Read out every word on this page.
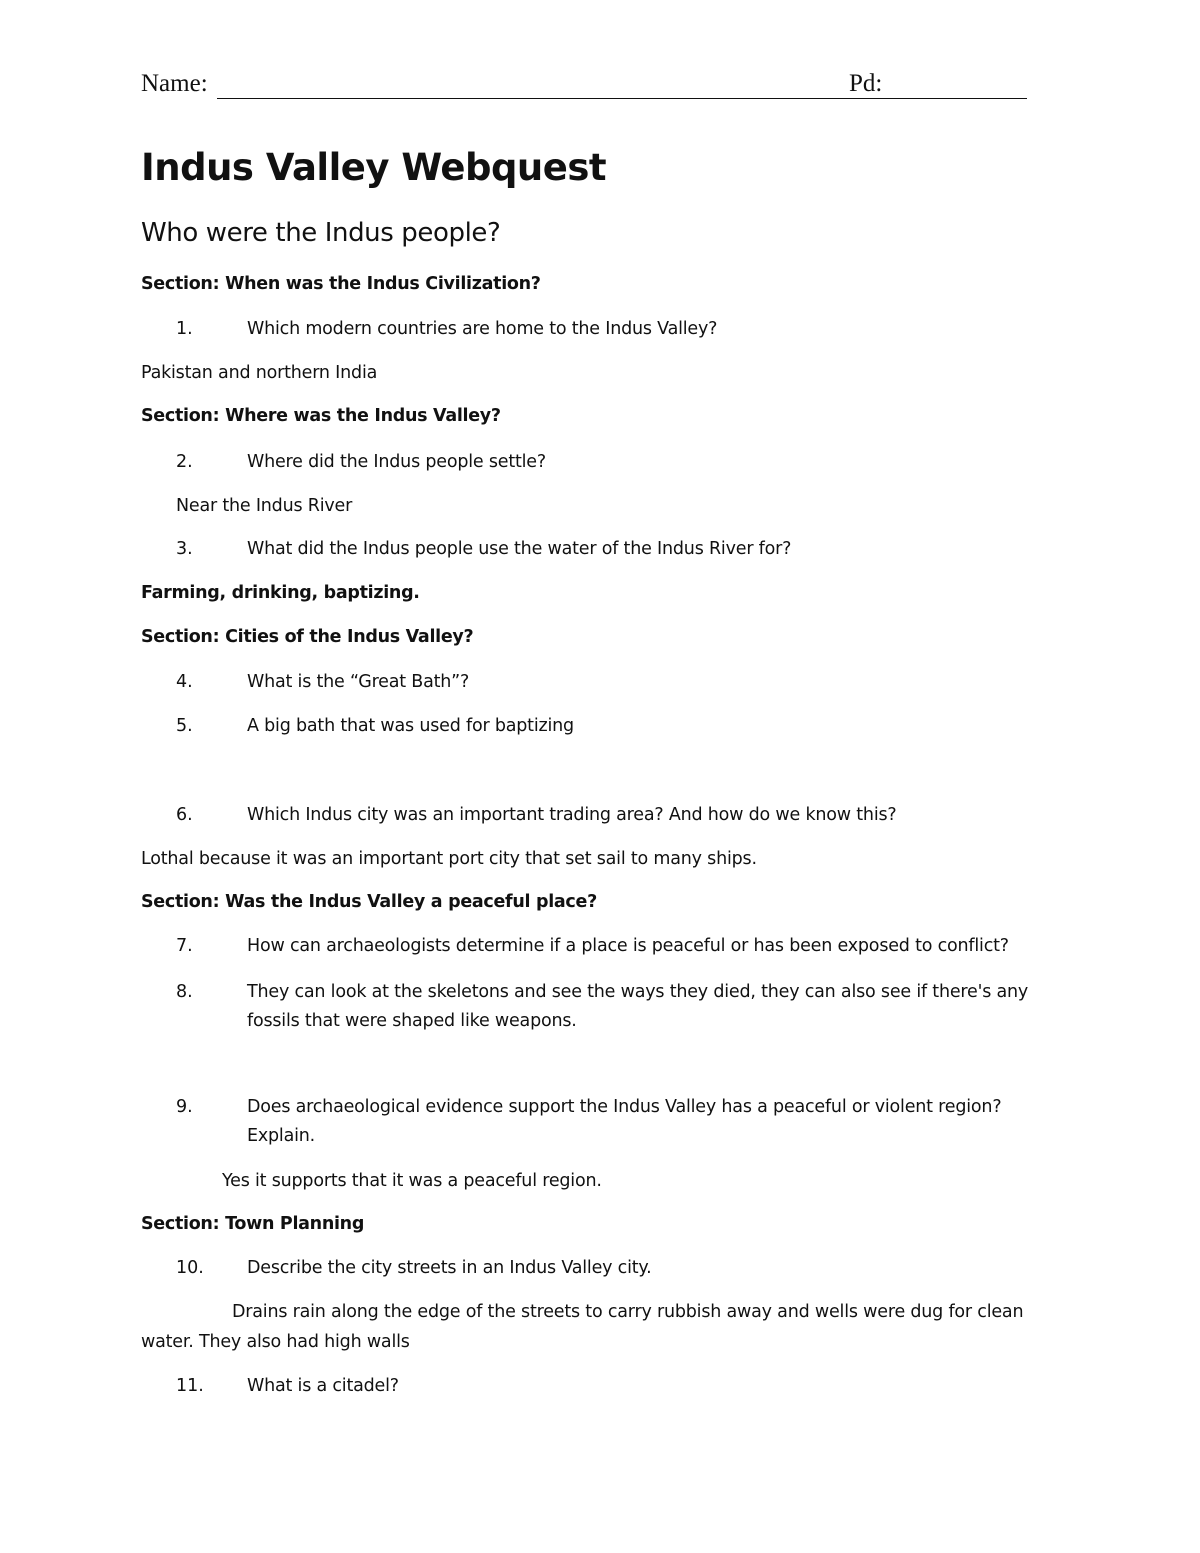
Name:	Pd:
Indus Valley Webquest
Who were the Indus people?
Section: When was the Indus Civilization?
1.	Which modern countries are home to the Indus Valley?
Pakistan and northern India
Section: Where was the Indus Valley?
2.	Where did the Indus people settle?
Near the Indus River
3.	What did the Indus people use the water of the Indus River for?
Farming, drinking, baptizing.
Section: Cities of the Indus Valley?
4.	What is the “Great Bath”?
5.	A big bath that was used for baptizing
6.	Which Indus city was an important trading area? And how do we know this?
Lothal because it was an important port city that set sail to many ships.
Section: Was the Indus Valley a peaceful place?
7.	How can archaeologists determine if a place is peaceful or has been exposed to conflict?
8.	They can look at the skeletons and see the ways they died, they can also see if there's any
fossils that were shaped like weapons.
9.	Does archaeological evidence support the Indus Valley has a peaceful or violent region?
Explain.
Yes it supports that it was a peaceful region.
Section: Town Planning
10. Describe the city streets in an Indus Valley city.
Drains rain along the edge of the streets to carry rubbish away and wells were dug for clean
water. They also had high walls
11. What is a citadel?
